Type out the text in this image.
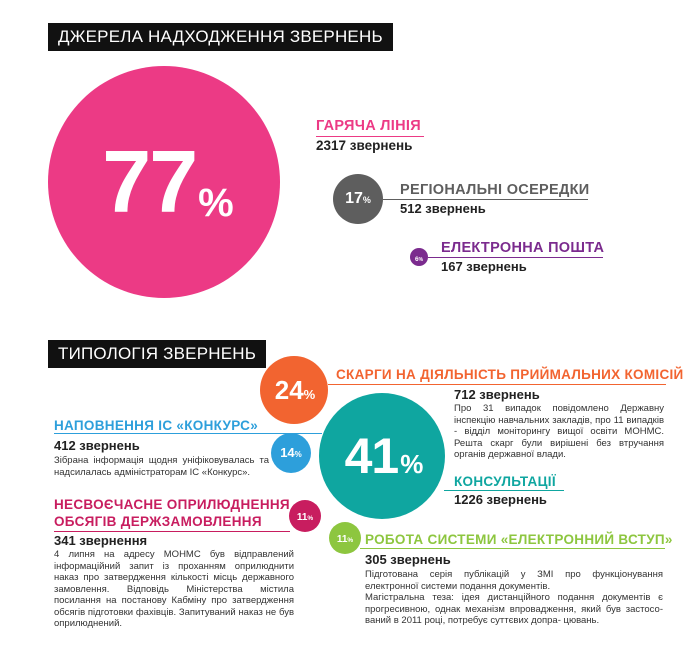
ДЖЕРЕЛА НАДХОДЖЕННЯ ЗВЕРНЕНЬ
77%
ГАРЯЧА ЛІНІЯ
2317 звернень
17%
РЕГІОНАЛЬНІ ОСЕРЕДКИ
512 звернень
6%
ЕЛЕКТРОННА ПОШТА
167 звернень
ТИПОЛОГІЯ ЗВЕРНЕНЬ
41%
КОНСУЛЬТАЦІЇ
1226 звернень
24%
СКАРГИ НА ДІЯЛЬНІСТЬ ПРИЙМАЛЬНИХ КОМІСІЙ
712 звернень
Про 31 випадок повідомлено Державну інспекцію навчальних закладів, про 11 випадків - відділ моніторингу вищої освіти МОНМС. Решта скарг були вирішені без втручання органів державної влади.
14%
НАПОВНЕННЯ ІС «КОНКУРС»
412 звернень
Зібрана інформація щодня уніфіковувалась та надсилалась адміністраторам ІС «Конкурс».
11%
НЕСВОЄЧАСНЕ ОПРИЛЮДНЕННЯ
ОБСЯГІВ ДЕРЖЗАМОВЛЕННЯ
341 звернення
4 липня на адресу МОНМС був відправлений інформаційний запит із проханням оприлюднити наказ про затвердження кількості місць державного замовлення. Відповідь Міністерства містила посилання на постанову Кабміну про затвердження обсягів підготовки фахівців. Запитуваний наказ не був оприлюднений.
11% РОБОТА СИСТЕМИ «ЕЛЕКТРОННИЙ ВСТУП»
305 звернень

Підготована серія публікацій у ЗМІ про функціонування електронної системи подання документів.

Магістральна теза: ідея дистанційного подання документів є прогресивною, однак механізм впровадження, який був застосо- ваний в 2011 році, потребує суттєвих допра- цювань.
